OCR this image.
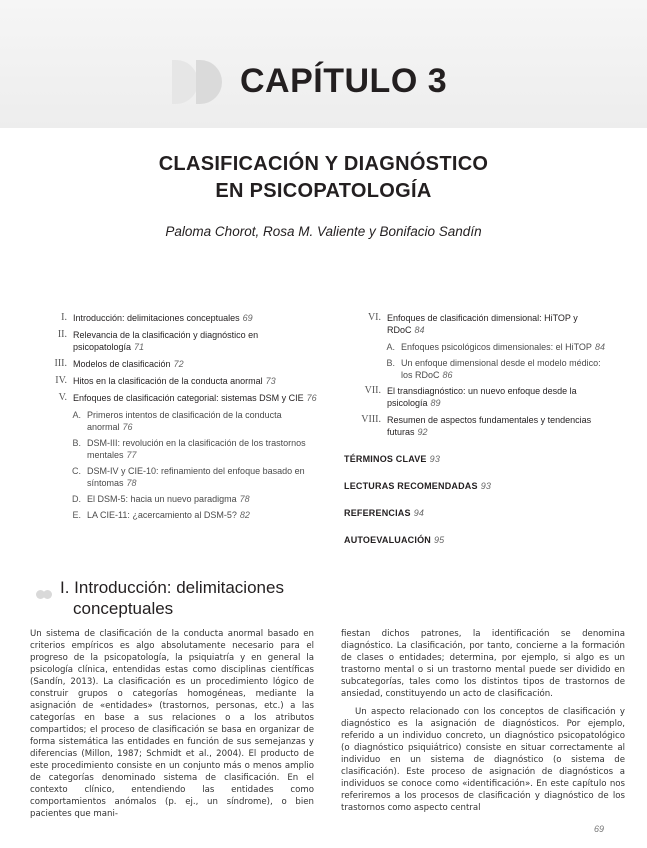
CAPÍTULO 3
CLASIFICACIÓN Y DIAGNÓSTICO
EN PSICOPATOLOGÍA
Paloma Chorot, Rosa M. Valiente y Bonifacio Sandín
I. Introducción: delimitaciones conceptuales 69
II. Relevancia de la clasificación y diagnóstico en psicopatología 71
III. Modelos de clasificación 72
IV. Hitos en la clasificación de la conducta anormal 73
V. Enfoques de clasificación categorial: sistemas DSM y CIE 76
A. Primeros intentos de clasificación de la conducta anormal 76
B. DSM-III: revolución en la clasificación de los trastornos mentales 77
C. DSM-IV y CIE-10: refinamiento del enfoque basado en síntomas 78
D. El DSM-5: hacia un nuevo paradigma 78
E. LA CIE-11: ¿acercamiento al DSM-5? 82
VI. Enfoques de clasificación dimensional: HiTOP y RDoC 84
A. Enfoques psicológicos dimensionales: el HiTOP 84
B. Un enfoque dimensional desde el modelo médico: los RDoC 86
VII. El transdiagnóstico: un nuevo enfoque desde la psicología 89
VIII. Resumen de aspectos fundamentales y tendencias futuras 92
TÉRMINOS CLAVE 93
LECTURAS RECOMENDADAS 93
REFERENCIAS 94
AUTOEVALUACIÓN 95
I. Introducción: delimitaciones
conceptuales

Un sistema de clasificación de la conducta anormal basado en criterios empíricos es algo absolutamente necesario para el progreso de la psicopatología, la psiquiatría y en general la psicología clínica, entendidas estas como disciplinas científicas (Sandín, 2013). La clasificación es un procedimiento lógico de construir grupos o categorías homogéneas, mediante la asignación de «entidades» (trastornos, personas, etc.) a las categorías en base a sus relaciones o a los atributos compartidos; el proceso de clasificación se basa en organizar de forma sistemática las entidades en función de sus semejanzas y diferencias (Millon, 1987; Schmidt et al., 2004). El producto de este procedimiento consiste en un conjunto más o menos amplio de categorías denominado sistema de clasificación. En el contexto clínico, entendiendo las entidades como comportamientos anómalos (p. ej., un síndrome), o bien pacientes que mani-

fiestan dichos patrones, la identificación se denomina diagnóstico. La clasificación, por tanto, concierne a la formación de clases o entidades; determina, por ejemplo, si algo es un trastorno mental o si un trastorno mental puede ser dividido en subcategorías, tales como los distintos tipos de trastornos de ansiedad, constituyendo un acto de clasificación.

Un aspecto relacionado con los conceptos de clasificación y diagnóstico es la asignación de diagnósticos. Por ejemplo, referido a un individuo concreto, un diagnóstico psicopatológico (o diagnóstico psiquiátrico) consiste en situar correctamente al individuo en un sistema de diagnóstico (o sistema de clasificación). Este proceso de asignación de diagnósticos a individuos se conoce como «identificación». En este capítulo nos referiremos a los procesos de clasificación y diagnóstico de los trastornos como aspecto central

69
